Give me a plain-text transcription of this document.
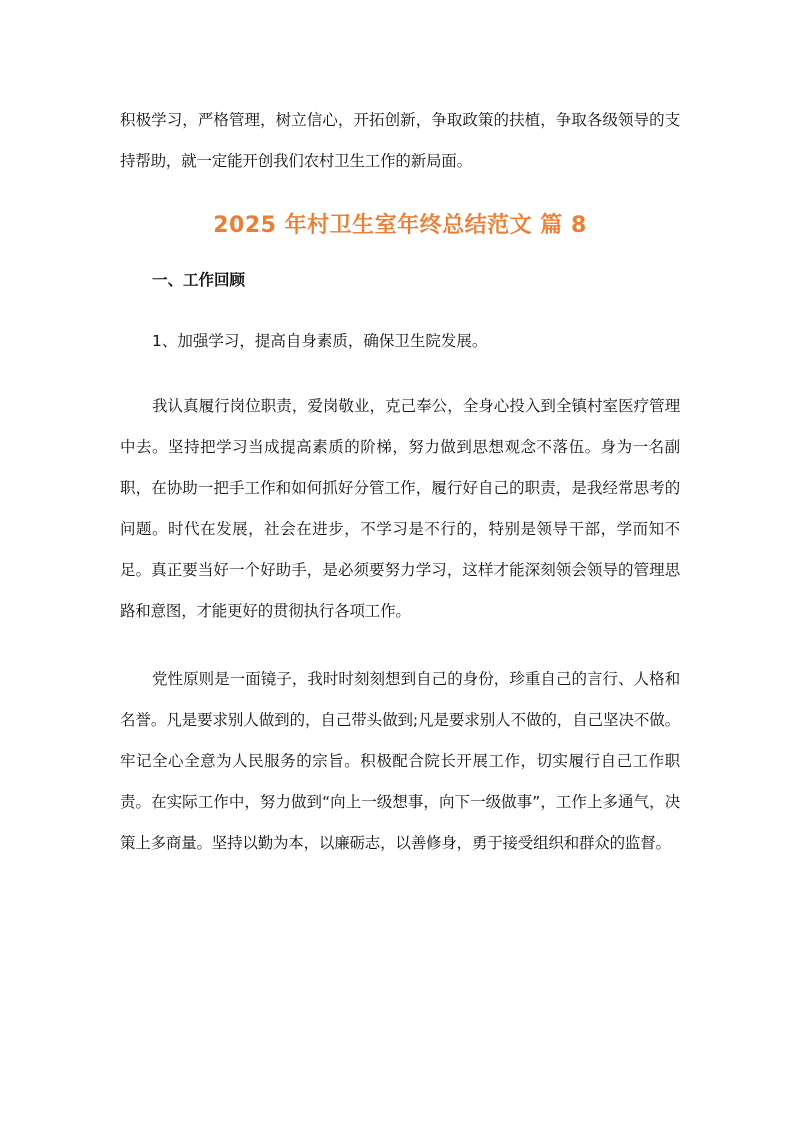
积极学习，严格管理，树立信心，开拓创新，争取政策的扶植，争取各级领导的支持帮助，就一定能开创我们农村卫生工作的新局面。

2025 年村卫生室年终总结范文 篇 8
一、工作回顾

1、加强学习，提高自身素质，确保卫生院发展。

我认真履行岗位职责，爱岗敬业，克己奉公，全身心投入到全镇村室医疗管理中去。坚持把学习当成提高素质的阶梯，努力做到思想观念不落伍。身为一名副职，在协助一把手工作和如何抓好分管工作，履行好自己的职责，是我经常思考的问题。时代在发展，社会在进步，不学习是不行的，特别是领导干部，学而知不足。真正要当好一个好助手，是必须要努力学习，这样才能深刻领会领导的管理思路和意图，才能更好的贯彻执行各项工作。

党性原则是一面镜子，我时时刻刻想到自己的身份，珍重自己的言行、人格和名誉。凡是要求别人做到的，自己带头做到;凡是要求别人不做的，自己坚决不做。牢记全心全意为人民服务的宗旨。积极配合院长开展工作，切实履行自己工作职责。在实际工作中，努力做到“向上一级想事，向下一级做事”，工作上多通气，决策上多商量。坚持以勤为本，以廉砺志，以善修身，勇于接受组织和群众的监督。
